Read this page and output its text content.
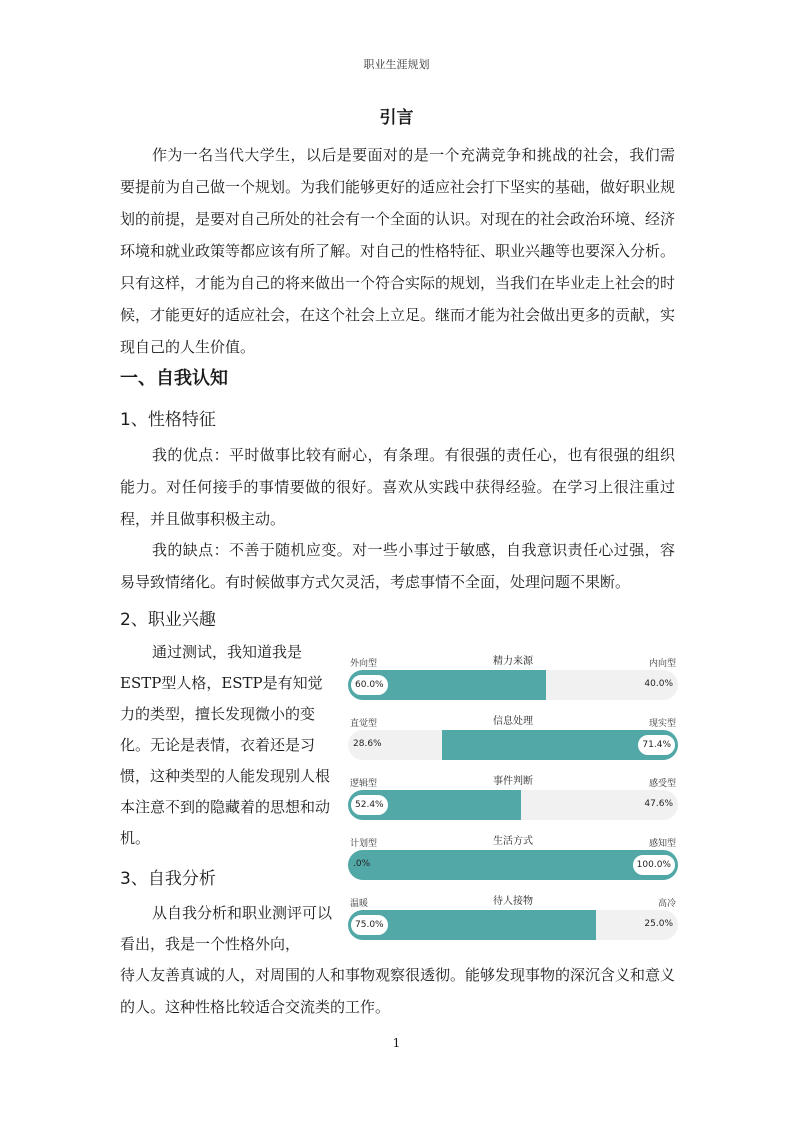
职业生涯规划
引言

作为一名当代大学生，以后是要面对的是一个充满竞争和挑战的社会，我们需要提前为自己做一个规划。为我们能够更好的适应社会打下坚实的基础，做好职业规划的前提，是要对自己所处的社会有一个全面的认识。对现在的社会政治环境、经济环境和就业政策等都应该有所了解。对自己的性格特征、职业兴趣等也要深入分析。只有这样，才能为自己的将来做出一个符合实际的规划，当我们在毕业走上社会的时候，才能更好的适应社会，在这个社会上立足。继而才能为社会做出更多的贡献，实现自己的人生价值。

一、自我认知
1、性格特征

我的优点：平时做事比较有耐心，有条理。有很强的责任心，也有很强的组织能力。对任何接手的事情要做的很好。喜欢从实践中获得经验。在学习上很注重过程，并且做事积极主动。

我的缺点：不善于随机应变。对一些小事过于敏感，自我意识责任心过强，容易导致情绪化。有时候做事方式欠灵活，考虑事情不全面，处理问题不果断。

2、职业兴趣

通过测试，我知道我是ESTP型人格，ESTP是有知觉力的类型，擅长发现微小的变化。无论是表情，衣着还是习惯，这种类型的人能发现别人根本注意不到的隐藏着的思想和动机。

3、自我分析

从自我分析和职业测评可以看出，我是一个性格外向，

待人友善真诚的人，对周围的人和事物观察很透彻。能够发现事物的深沉含义和意义的人。这种性格比较适合交流类的工作。

精力来源
外向型	内向型
60.0%	40.0%
信息处理
直觉型	现实型
28.6%	71.4%
事件判断
逻辑型	感受型
52.4%	47.6%
生活方式
计划型	感知型
.0%	100.0%
待人接物
温暖	高冷
75.0%	25.0%
1
